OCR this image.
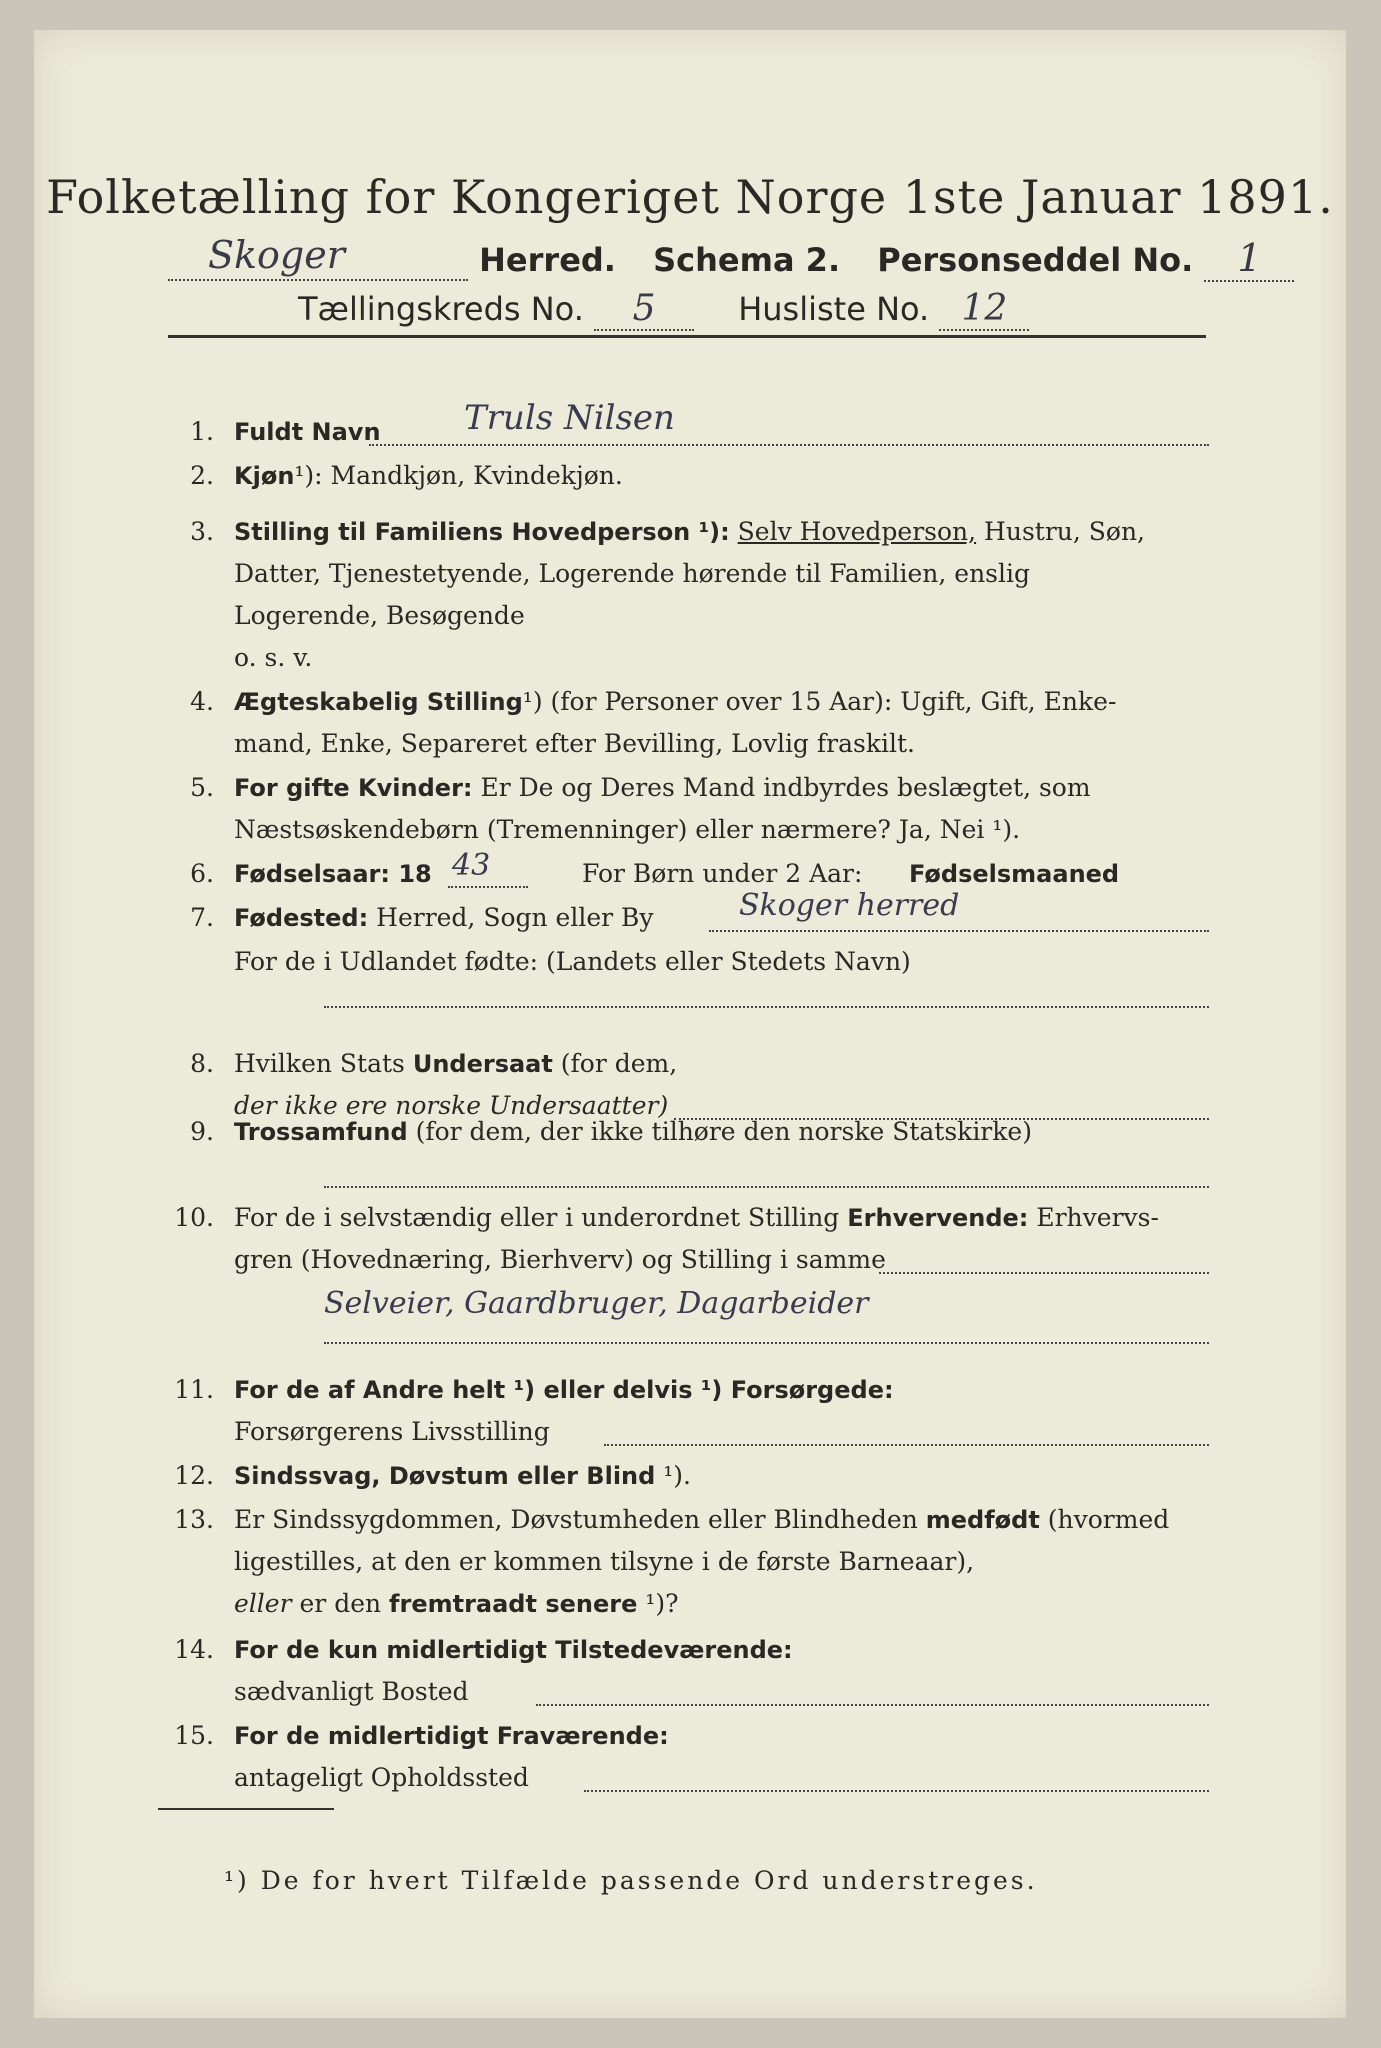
Folketælling for Kongeriget Norge 1ste Januar 1891.
Skoger	Herred. Schema 2. Personseddel No. 1
Tællingskreds No. 5	Husliste No. 12
1. Fuldt Navn Truls Nilsen
2. Kjøn¹): Mandkjøn, Kvindekjøn.
3. Stilling til Familiens Hovedperson ¹): Selv Hovedperson, Hustru, Søn,
Datter, Tjenestetyende, Logerende hørende til Familien, enslig
Logerende, Besøgende
o. s. v.
4. Ægteskabelig Stilling¹) (for Personer over 15 Aar): Ugift, Gift, Enke-
mand, Enke, Separeret efter Bevilling, Lovlig fraskilt.
5. For gifte Kvinder: Er De og Deres Mand indbyrdes beslægtet, som
Næstsøskendebørn (Tremenninger) eller nærmere? Ja, Nei ¹).
6. Fødselsaar: 18 43	For Børn under 2 Aar: Fødselsmaaned
7. Fødested: Herred, Sogn eller By	Skoger herred
For de i Udlandet fødte: (Landets eller Stedets Navn)
8. Hvilken Stats Undersaat (for dem,
der ikke ere norske Undersaatter)
9. Trossamfund (for dem, der ikke tilhøre den norske Statskirke)
10. For de i selvstændig eller i underordnet Stilling Erhvervende: Erhvervs-
gren (Hovednæring, Bierhverv) og Stilling i samme
Selveier, Gaardbruger, Dagarbeider
11. For de af Andre helt ¹) eller delvis ¹) Forsørgede:
Forsørgerens Livsstilling
12. Sindssvag, Døvstum eller Blind ¹).
13. Er Sindssygdommen, Døvstumheden eller Blindheden medfødt (hvormed
ligestilles, at den er kommen tilsyne i de første Barneaar),
eller er den fremtraadt senere ¹)?
14. For de kun midlertidigt Tilstedeværende:
sædvanligt Bosted
15. For de midlertidigt Fraværende:
antageligt Opholdssted
¹) De for hvert Tilfælde passende Ord understreges.
